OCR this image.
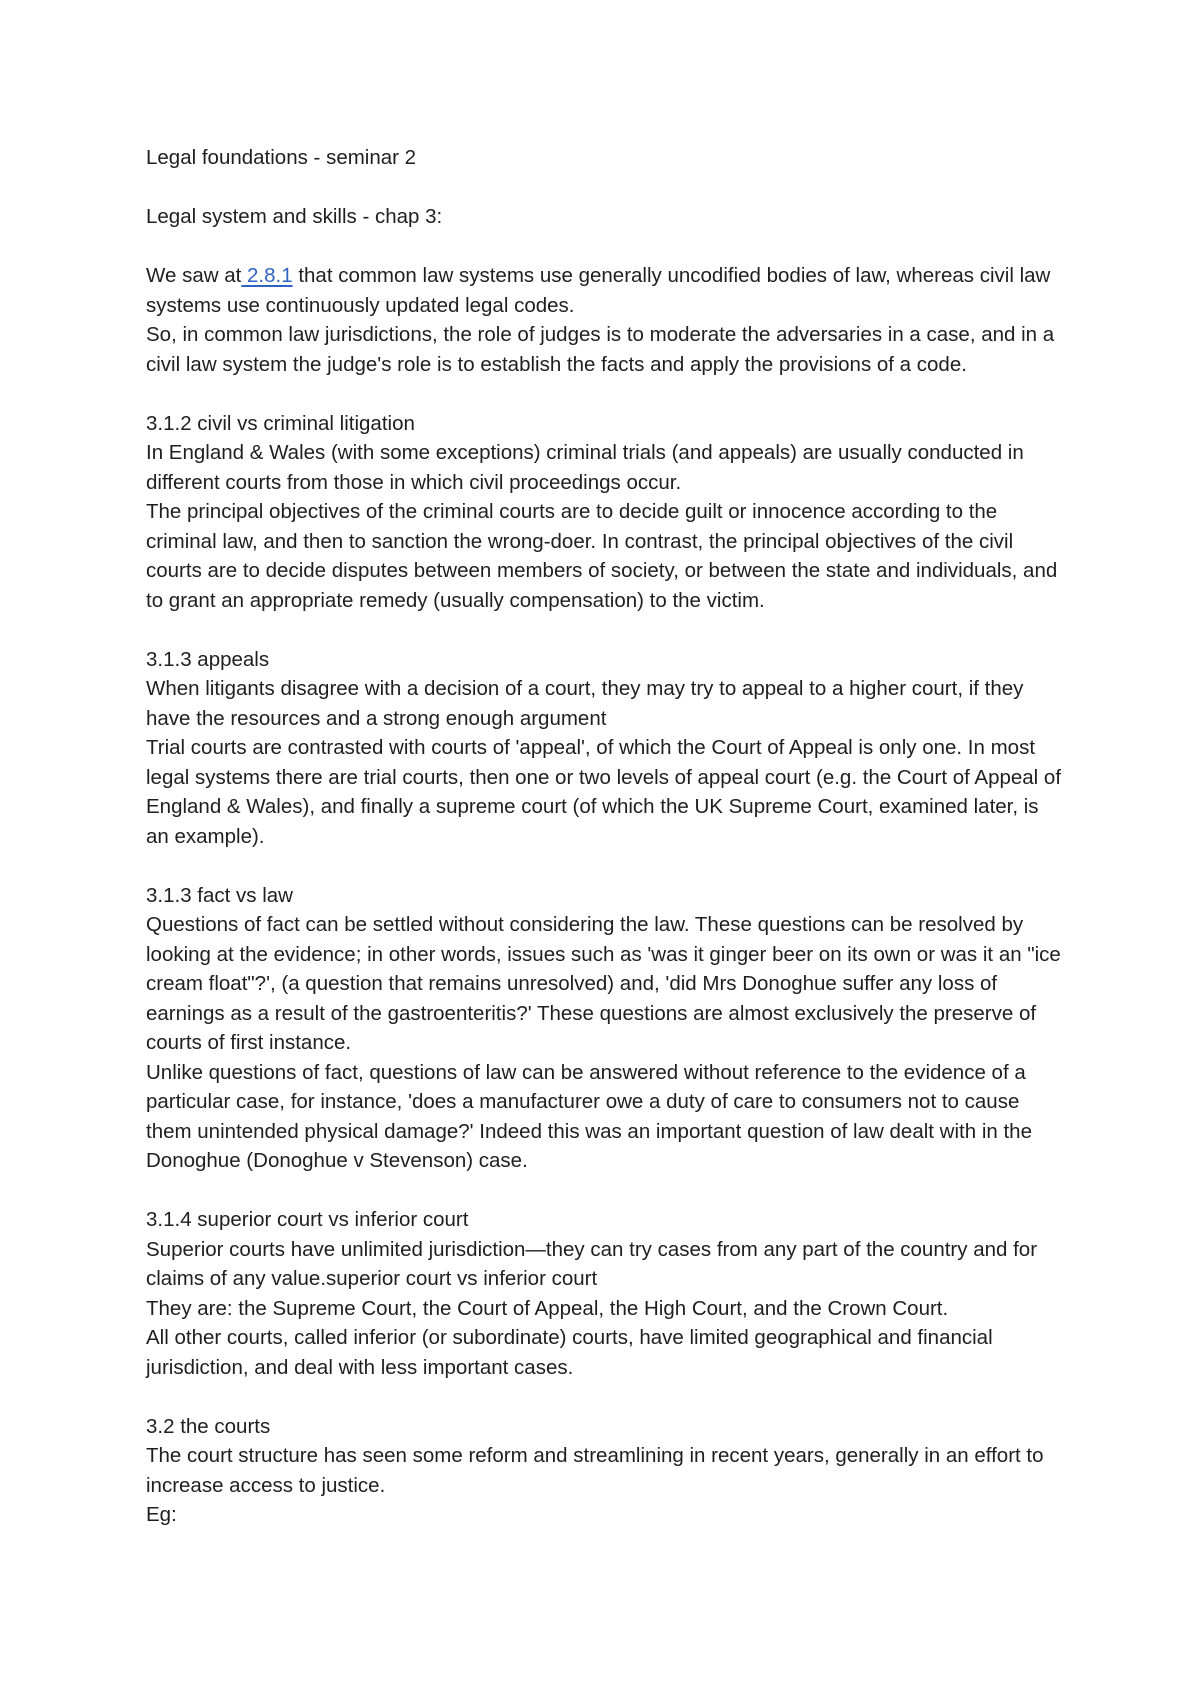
Legal foundations - seminar 2

Legal system and skills - chap 3:

We saw at 2.8.1 that common law systems use generally uncodified bodies of law, whereas civil law systems use continuously updated legal codes.

So, in common law jurisdictions, the role of judges is to moderate the adversaries in a case, and in a civil law system the judge's role is to establish the facts and apply the provisions of a code.

3.1.2 civil vs criminal litigation

In England & Wales (with some exceptions) criminal trials (and appeals) are usually conducted in different courts from those in which civil proceedings occur.

The principal objectives of the criminal courts are to decide guilt or innocence according to the criminal law, and then to sanction the wrong-doer. In contrast, the principal objectives of the civil courts are to decide disputes between members of society, or between the state and individuals, and to grant an appropriate remedy (usually compensation) to the victim.

3.1.3 appeals

When litigants disagree with a decision of a court, they may try to appeal to a higher court, if they have the resources and a strong enough argument

Trial courts are contrasted with courts of 'appeal', of which the Court of Appeal is only one. In most legal systems there are trial courts, then one or two levels of appeal court (e.g. the Court of Appeal of England & Wales), and finally a supreme court (of which the UK Supreme Court, examined later, is an example).

3.1.3 fact vs law

Questions of fact can be settled without considering the law. These questions can be resolved by looking at the evidence; in other words, issues such as 'was it ginger beer on its own or was it an "ice cream float"?', (a question that remains unresolved) and, 'did Mrs Donoghue suffer any loss of earnings as a result of the gastroenteritis?' These questions are almost exclusively the preserve of courts of first instance.

Unlike questions of fact, questions of law can be answered without reference to the evidence of a particular case, for instance, 'does a manufacturer owe a duty of care to consumers not to cause them unintended physical damage?' Indeed this was an important question of law dealt with in the Donoghue (Donoghue v Stevenson) case.

3.1.4 superior court vs inferior court

Superior courts have unlimited jurisdiction—they can try cases from any part of the country and for claims of any value.superior court vs inferior court

They are: the Supreme Court, the Court of Appeal, the High Court, and the Crown Court.

All other courts, called inferior (or subordinate) courts, have limited geographical and financial jurisdiction, and deal with less important cases.

3.2 the courts

The court structure has seen some reform and streamlining in recent years, generally in an effort to increase access to justice.

Eg:
